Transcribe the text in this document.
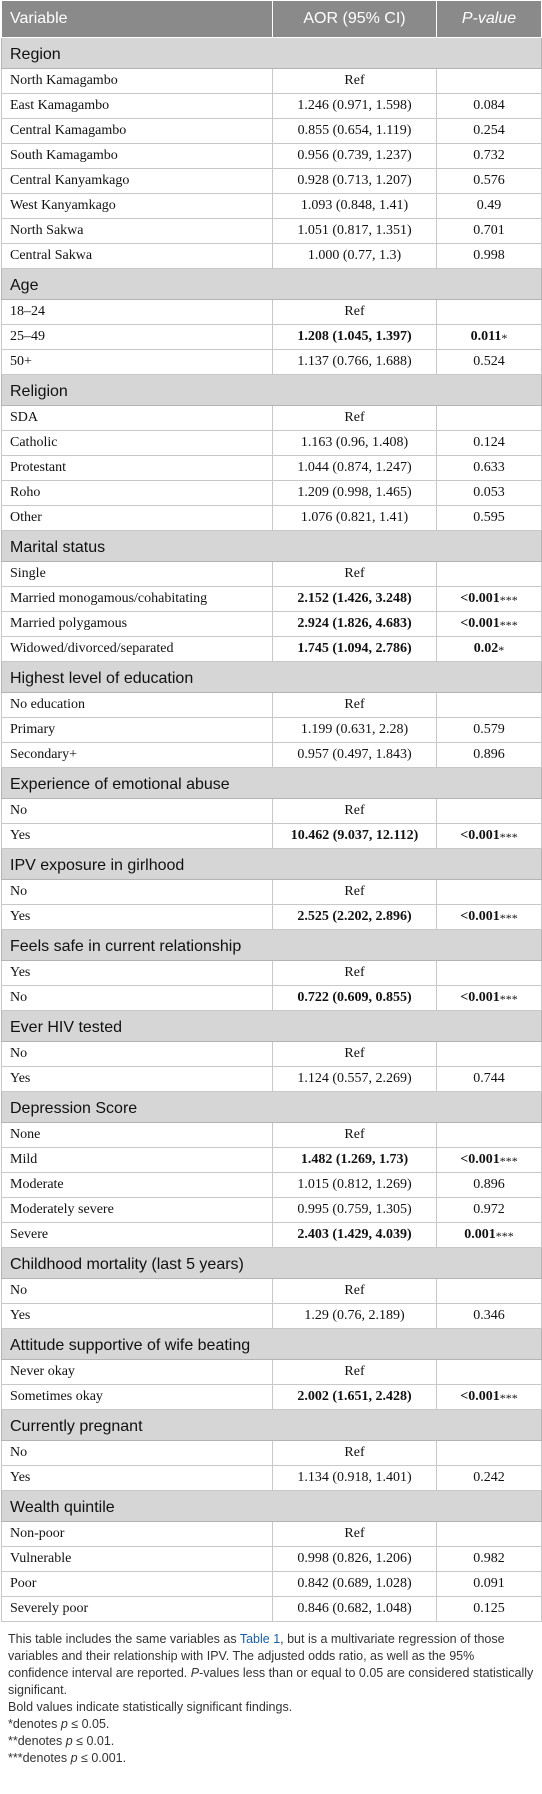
Variable	AOR (95% CI)	P-value
Region		
North Kamagambo	Ref	
East Kamagambo	1.246 (0.971, 1.598)	0.084
Central Kamagambo	0.855 (0.654, 1.119)	0.254
South Kamagambo	0.956 (0.739, 1.237)	0.732
Central Kanyamkago	0.928 (0.713, 1.207)	0.576
West Kanyamkago	1.093 (0.848, 1.41)	0.49
North Sakwa	1.051 (0.817, 1.351)	0.701
Central Sakwa	1.000 (0.77, 1.3)	0.998
Age		
18–24	Ref	
25–49	1.208 (1.045, 1.397)	0.011*
50+	1.137 (0.766, 1.688)	0.524
Religion		
SDA	Ref	
Catholic	1.163 (0.96, 1.408)	0.124
Protestant	1.044 (0.874, 1.247)	0.633
Roho	1.209 (0.998, 1.465)	0.053
Other	1.076 (0.821, 1.41)	0.595
Marital status		
Single	Ref	
Married monogamous/cohabitating	2.152 (1.426, 3.248)	<0.001***
Married polygamous	2.924 (1.826, 4.683)	<0.001***
Widowed/divorced/separated	1.745 (1.094, 2.786)	0.02*
Highest level of education		
No education	Ref	
Primary	1.199 (0.631, 2.28)	0.579
Secondary+	0.957 (0.497, 1.843)	0.896
Experience of emotional abuse		
No	Ref	
Yes	10.462 (9.037, 12.112)	<0.001***
IPV exposure in girlhood		
No	Ref	
Yes	2.525 (2.202, 2.896)	<0.001***
Feels safe in current relationship		
Yes	Ref	
No	0.722 (0.609, 0.855)	<0.001***
Ever HIV tested		
No	Ref	
Yes	1.124 (0.557, 2.269)	0.744
Depression Score		
None	Ref	
Mild	1.482 (1.269, 1.73)	<0.001***
Moderate	1.015 (0.812, 1.269)	0.896
Moderately severe	0.995 (0.759, 1.305)	0.972
Severe	2.403 (1.429, 4.039)	0.001***
Childhood mortality (last 5 years)		
No	Ref	
Yes	1.29 (0.76, 2.189)	0.346
Attitude supportive of wife beating		
Never okay	Ref	
Sometimes okay	2.002 (1.651, 2.428)	<0.001***
Currently pregnant		
No	Ref	
Yes	1.134 (0.918, 1.401)	0.242
Wealth quintile		
Non-poor	Ref	
Vulnerable	0.998 (0.826, 1.206)	0.982
Poor	0.842 (0.689, 1.028)	0.091
Severely poor	0.846 (0.682, 1.048)	0.125

This table includes the same variables as Table 1, but is a multivariate regression of those variables and their relationship with IPV. The adjusted odds ratio, as well as the 95% confidence interval are reported. P-values less than or equal to 0.05 are considered statistically significant.

Bold values indicate statistically significant findings.

*denotes p ≤ 0.05.

**denotes p ≤ 0.01.

***denotes p ≤ 0.001.
